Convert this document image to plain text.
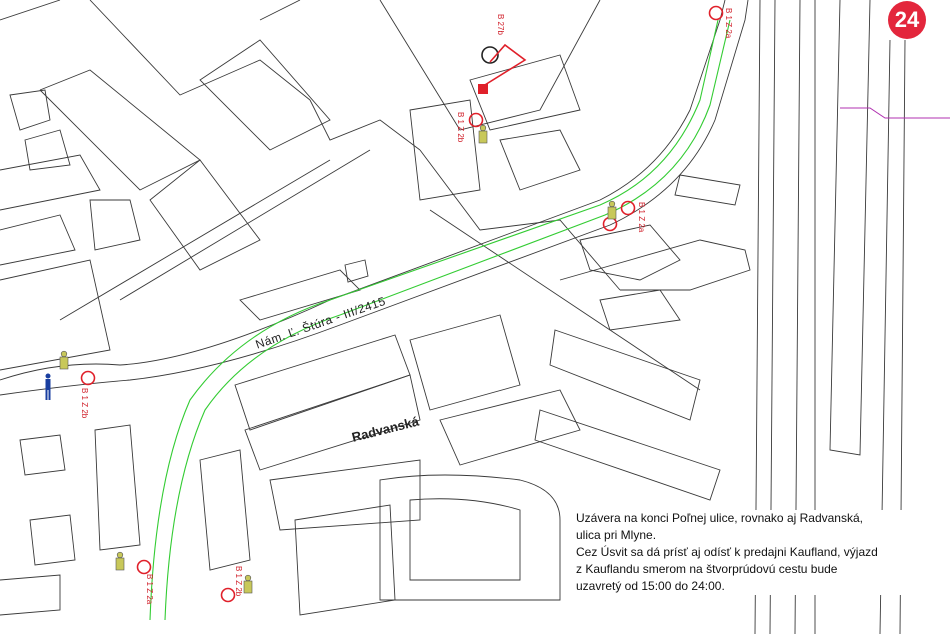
Nám. Ľ. Štúra - III/2415
Radvanská
B 1 Z 2a
B 1 Z 2a
B 1 Z 2b
B 1 Z 2b
B 1 Z 2a
B 1 Z 2b
B 27b	24

Uzávera na konci Poľnej ulice, rovnako aj Radvanská,

ulica pri Mlyne.

Cez Úsvit sa dá prísť aj odísť k predajni Kaufland, výjazd

z Kauflandu smerom na štvorprúdovú cestu bude

uzavretý od 15:00 do 24:00.
